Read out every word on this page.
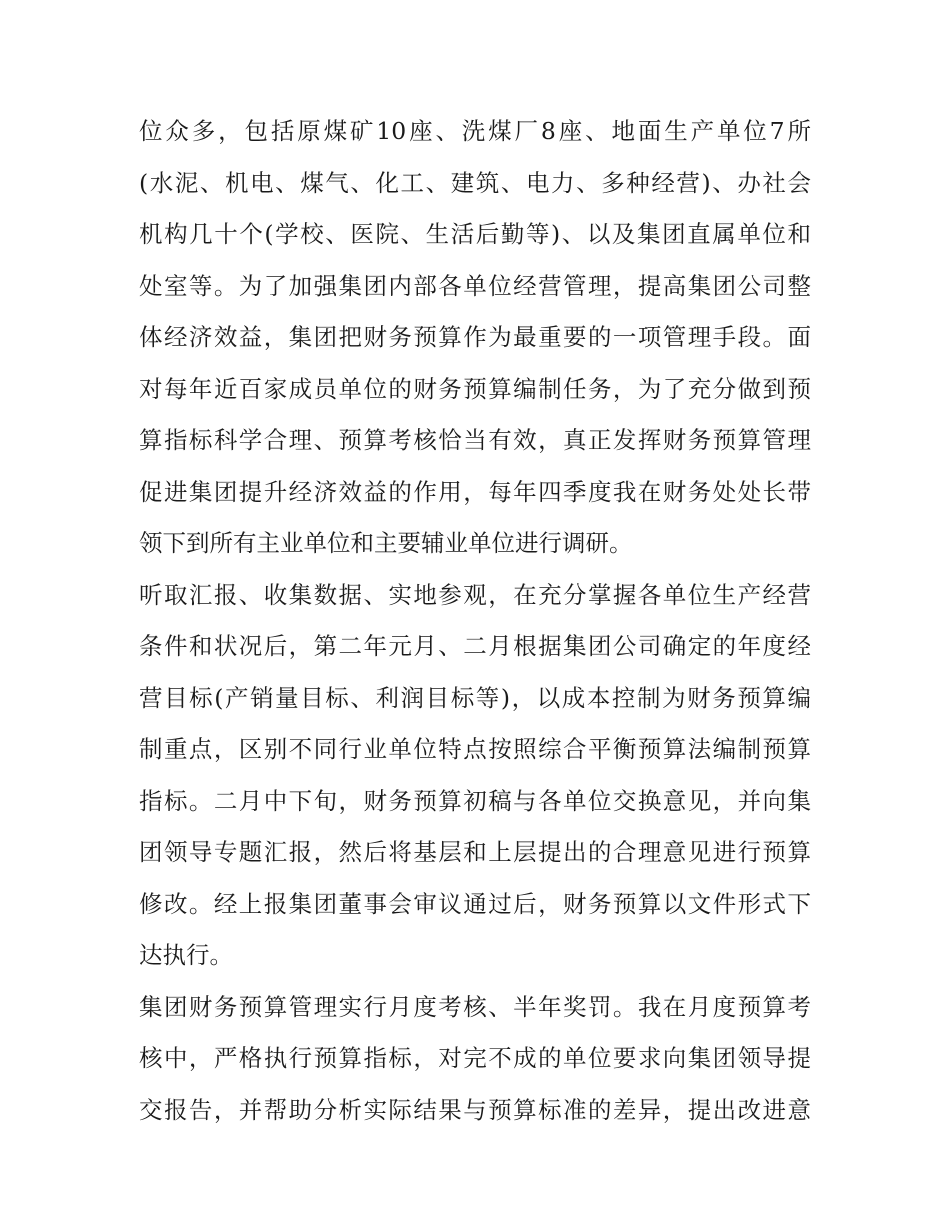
位众多，包括原煤矿10座、洗煤厂8座、地面生产单位7所
(水泥、机电、煤气、化工、建筑、电力、多种经营)、办社会
机构几十个(学校、医院、生活后勤等)、以及集团直属单位和
处室等。为了加强集团内部各单位经营管理，提高集团公司整
体经济效益，集团把财务预算作为最重要的一项管理手段。面
对每年近百家成员单位的财务预算编制任务，为了充分做到预
算指标科学合理、预算考核恰当有效，真正发挥财务预算管理
促进集团提升经济效益的作用，每年四季度我在财务处处长带
领下到所有主业单位和主要辅业单位进行调研。
听取汇报、收集数据、实地参观，在充分掌握各单位生产经营
条件和状况后，第二年元月、二月根据集团公司确定的年度经
营目标(产销量目标、利润目标等)，以成本控制为财务预算编
制重点，区别不同行业单位特点按照综合平衡预算法编制预算
指标。二月中下旬，财务预算初稿与各单位交换意见，并向集
团领导专题汇报，然后将基层和上层提出的合理意见进行预算
修改。经上报集团董事会审议通过后，财务预算以文件形式下
达执行。
集团财务预算管理实行月度考核、半年奖罚。我在月度预算考
核中，严格执行预算指标，对完不成的单位要求向集团领导提
交报告，并帮助分析实际结果与预算标准的差异，提出改进意
